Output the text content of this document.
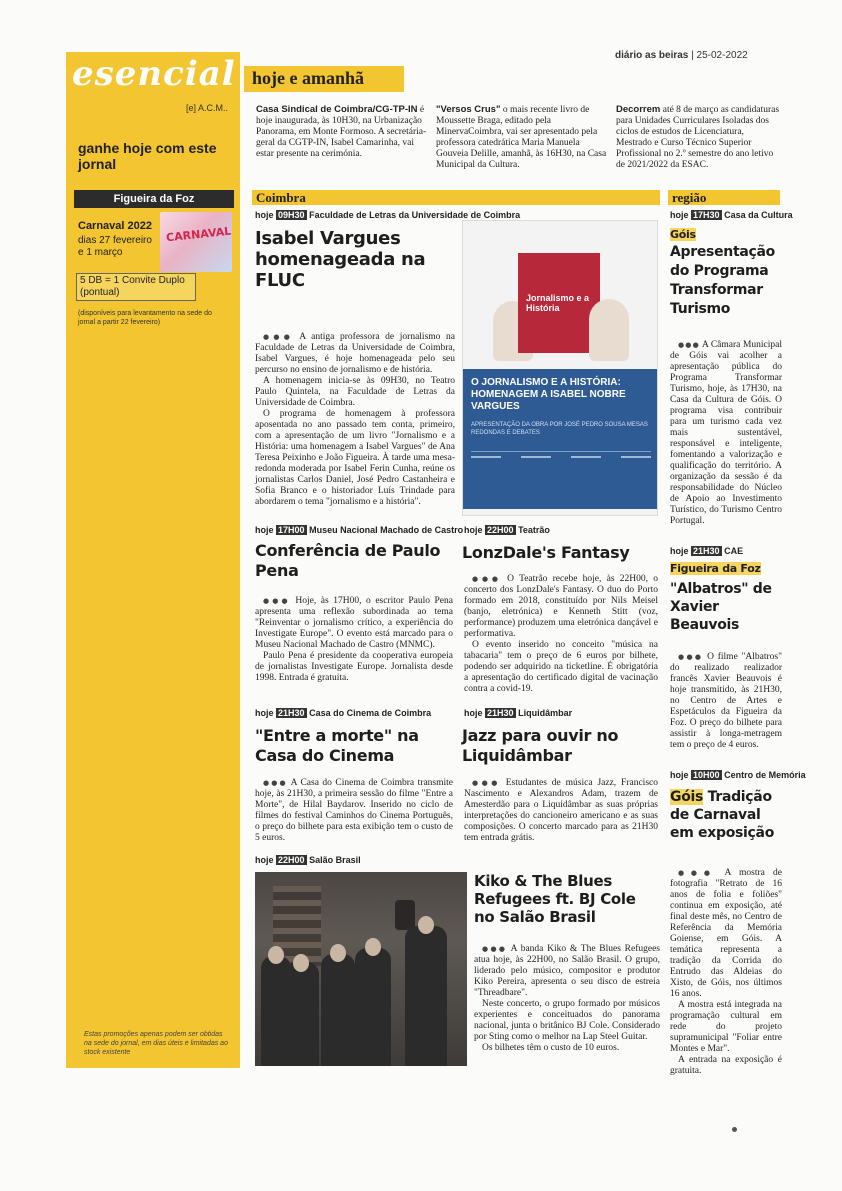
diário as beiras | 25-02-2022
esencial hoje e amanhã
[e] A.C.M..
ganhe hoje com este jornal
Figueira da Foz
Carnaval 2022
dias 27 fevereiro e 1 março
CARNAVAL
5 DB = 1 Convite Duplo (pontual)
(disponíveis para levantamento na sede do jornal a partir 22 fevereiro)
Estas promoções apenas podem ser obtidas na sede do jornal, em dias úteis e limitadas ao stock existente
Casa Sindical de Coimbra/CG-TP-IN é hoje inaugurada, às 10H30, na Urbanização Panorama, em Monte Formoso. A secretária-geral da CGTP-IN, Isabel Camarinha, vai estar presente na cerimónia.
"Versos Crus" o mais recente livro de Moussette Braga, editado pela MinervaCoimbra, vai ser apresentado pela professora catedrática Maria Manuela Gouveia Delille, amanhã, às 16H30, na Casa Municipal da Cultura.
Decorrem até 8 de março as candidaturas para Unidades Curriculares Isoladas dos ciclos de estudos de Licenciatura, Mestrado e Curso Técnico Superior Profissional no 2.º semestre do ano letivo de 2021/2022 da ESAC.
Coimbra	região
hoje 09H30 Faculdade de Letras da Universidade de Coimbra
Isabel Vargues homenageada na FLUC

●●● A antiga professora de jornalismo na Faculdade de Letras da Universidade de Coimbra, Isabel Vargues, é hoje homenageada pelo seu percurso no ensino de jornalismo e de história.

A homenagem inicia-se às 09H30, no Teatro Paulo Quintela, na Faculdade de Letras da Universidade de Coimbra.

O programa de homenagem à professora aposentada no ano passado tem conta, primeiro, com a apresentação de um livro "Jornalismo e a História: uma homenagem a Isabel Vargues" de Ana Teresa Peixinho e João Figueira. À tarde uma mesa-redonda moderada por Isabel Ferin Cunha, reúne os jornalistas Carlos Daniel, José Pedro Castanheira e Sofia Branco e o historiador Luís Trindade para abordarem o tema "jornalismo e a história".

Jornalismo e a História
O JORNALISMO E A HISTÓRIA: HOMENAGEM A ISABEL NOBRE VARGUES
APRESENTAÇÃO DA OBRA POR JOSÉ PEDRO SOUSA MESAS REDONDAS E DEBATES
hoje 17H00 Museu Nacional Machado de Castro
Conferência de Paulo Pena

●●● Hoje, às 17H00, o escritor Paulo Pena apresenta uma reflexão subordinada ao tema "Reinventar o jornalismo crítico, a experiência do Investigate Europe". O evento está marcado para o Museu Nacional Machado de Castro (MNMC).

Paulo Pena é presidente da cooperativa europeia de jornalistas Investigate Europe. Jornalista desde 1998. Entrada é gratuita.

hoje 22H00 Teatrão
LonzDale's Fantasy

●●● O Teatrão recebe hoje, às 22H00, o concerto dos LonzDale's Fantasy. O duo do Porto formado em 2018, constituído por Nils Meisel (banjo, eletrónica) e Kenneth Stitt (voz, performance) produzem uma eletrónica dançável e performativa.

O evento inserido no conceito "música na tabacaria" tem o preço de 6 euros por bilhete, podendo ser adquirido na ticketline. É obrigatória a apresentação do certificado digital de vacinação contra a covid-19.

hoje 21H30 Casa do Cinema de Coimbra
"Entre a morte" na Casa do Cinema

●●● A Casa do Cinema de Coimbra transmite hoje, às 21H30, a primeira sessão do filme "Entre a Morte", de Hilal Baydarov. Inserido no ciclo de filmes do festival Caminhos do Cinema Português, o preço do bilhete para esta exibição tem o custo de 5 euros.

hoje 21H30 Liquidâmbar
Jazz para ouvir no Liquidâmbar

●●● Estudantes de música Jazz, Francisco Nascimento e Alexandros Adam, trazem de Amesterdão para o Liquidâmbar as suas próprias interpretações do cancioneiro americano e as suas composições. O concerto marcado para as 21H30 tem entrada grátis.

hoje 22H00 Salão Brasil
Kiko & The Blues Refugees ft. BJ Cole no Salão Brasil

●●● A banda Kiko & The Blues Refugees atua hoje, às 22H00, no Salão Brasil. O grupo, liderado pelo músico, compositor e produtor Kiko Pereira, apresenta o seu disco de estreia "Threadbare".

Neste concerto, o grupo formado por músicos experientes e conceituados do panorama nacional, junta o britânico BJ Cole. Considerado por Sting como o melhor na Lap Steel Guitar.

Os bilhetes têm o custo de 10 euros.

hoje 17H30 Casa da Cultura
Góis
Apresentação do Programa Transformar Turismo

●●● A Câmara Municipal de Góis vai acolher a apresentação pública do Programa Transformar Turismo, hoje, às 17H30, na Casa da Cultura de Góis. O programa visa contribuir para um turismo cada vez mais sustentável, responsável e inteligente, fomentando a valorização e qualificação do território. A organização da sessão é da responsabilidade do Núcleo de Apoio ao Investimento Turístico, do Turismo Centro Portugal.

hoje 21H30 CAE
Figueira da Foz
"Albatros" de Xavier Beauvois

●●● O filme "Albatros" do realizado realizador francês Xavier Beauvois é hoje transmitido, às 21H30, no Centro de Artes e Espetáculos da Figueira da Foz. O preço do bilhete para assistir à longa-metragem tem o preço de 4 euros.

hoje 10H00 Centro de Memória
Góis Tradição de Carnaval em exposição

●●● A mostra de fotografia "Retrato de 16 anos de folia e foliões" continua em exposição, até final deste mês, no Centro de Referência da Memória Goiense, em Góis. A temática representa a tradição da Corrida do Entrudo das Aldeias do Xisto, de Góis, nos últimos 16 anos.

A mostra está integrada na programação cultural em rede do projeto supramunicipal "Foliar entre Montes e Mar".

A entrada na exposição é gratuita.
